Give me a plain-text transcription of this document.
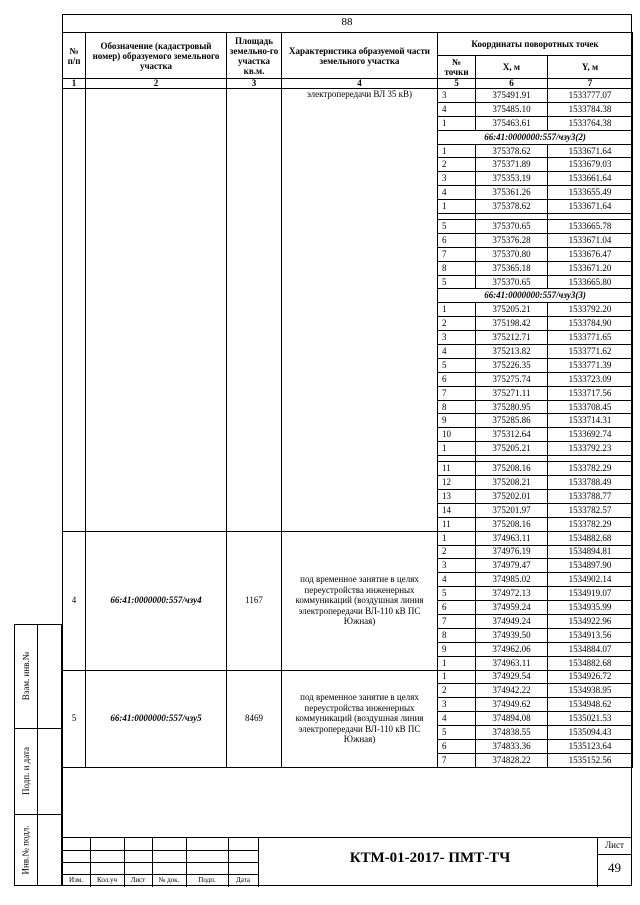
88
№ п/п	Обозначение (кадастровый номер) образуемого земельного участка	Площадь земельно-го участка кв.м.	Характеристика образуемой части земельного участка	Координаты поворотных точек		
				№ точки	X, м	Y, м
1	2	3	4	5	6	7
			электропередачи ВЛ 35 кВ)	3	375491.91	1533777.07
				4	375485.10	1533784.38
				1	375463.61	1533764.38
				66:41:0000000:557/чзу3(2)		
				1	375378.62	1533671.64
				2	375371.89	1533679.03
				3	375353.19	1533661.64
				4	375361.26	1533655.49
				1	375378.62	1533671.64

				5	375370.65	1533665.78
				6	375376.28	1533671.04
				7	375370.80	1533676.47
				8	375365.18	1533671.20
				5	375370.65	1533665.80
				66:41:0000000:557/чзу3(3)		
				1	375205.21	1533792.20
				2	375198.42	1533784.90
				3	375212.71	1533771.65
				4	375213.82	1533771.62
				5	375226.35	1533771.39
				6	375275.74	1533723.09
				7	375271.11	1533717.56
				8	375280.95	1533708.45
				9	375285.86	1533714.31
				10	375312.64	1533692.74
				1	375205.21	1533792.23

				11	375208.16	1533782.29
				12	375208.21	1533788.49
				13	375202.01	1533788.77
				14	375201.97	1533782.57
				11	375208.16	1533782.29
4	66:41:0000000:557/чзу4	1167	под временное занятие в целях переустройства инженерных коммуникаций (воздушная линия электропередачи ВЛ-110 кВ ПС Южная)	1	374963.11	1534882.68
				2	374976.19	1534894.81
				3	374979.47	1534897.90
				4	374985.02	1534902.14
				5	374972.13	1534919.07
				6	374959.24	1534935.99
				7	374949.24	1534922.96
				8	374939.50	1534913.56
				9	374962.06	1534884.07
				1	374963.11	1534882.68
5	66:41:0000000:557/чзу5	8469	под временное занятие в целях переустройства инженерных коммуникаций (воздушная линия электропередачи ВЛ-110 кВ ПС Южная)	1	374929.54	1534926.72
				2	374942.22	1534938.95
				3	374949.62	1534948.62
				4	374894.08	1535021.53
				5	374838.55	1535094.43
				6	374833.36	1535123.64
				7	374828.22	1535152.56
Взам. инв.№
Подп. и дата
Инв.№ подл.
Изм.	Кол.уч	Лист	№ док.	Подп.	Дата
КТМ-01-2017- ПМТ-ТЧ
Лист
49
